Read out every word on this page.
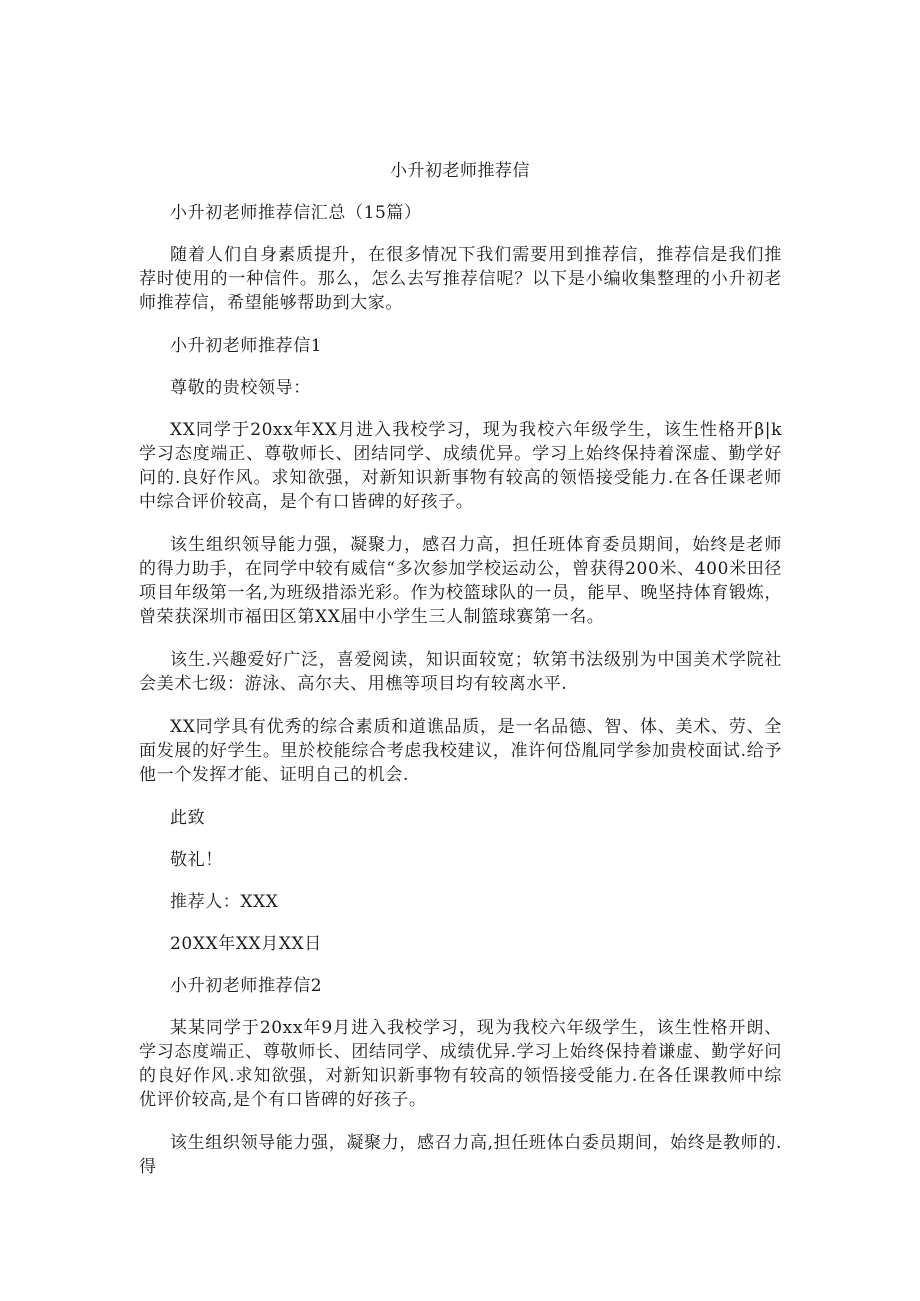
小升初老师推荐信

小升初老师推荐信汇总（15篇）

随着人们自身素质提升，在很多情况下我们需要用到推荐信，推荐信是我们推荐时使用的一种信件。那么，怎么去写推荐信呢？以下是小编收集整理的小升初老师推荐信，希望能够帮助到大家。

小升初老师推荐信1

尊敬的贵校领导：

XX同学于20xx年XX月进入我校学习，现为我校六年级学生，该生性格开β|k学习态度端正、尊敬师长、团结同学、成绩优异。学习上始终保持着深虚、勤学好问的.良好作风。求知欲强，对新知识新事物有较高的领悟接受能力.在各任课老师中综合评价较高，是个有口皆碑的好孩子。

该生组织领导能力强，凝聚力，感召力高，担任班体育委员期间，始终是老师的得力助手，在同学中较有威信“多次参加学校运动公，曾获得200米、400米田径项目年级第一名,为班级措添光彩。作为校篮球队的一员，能早、晚坚持体育锻炼，曾荣获深圳市福田区第XX届中小学生三人制篮球赛第一名。

该生.兴趣爱好广泛，喜爱阅读，知识面较宽；软第书法级别为中国美术学院社会美术七级：游泳、高尔夫、用樵等项目均有较离水平.

XX同学具有优秀的综合素质和道谯品质，是一名品德、智、体、美术、劳、全面发展的好学生。里於校能综合考虑我校建议，准许何岱胤同学参加贵校面试.给予他一个发挥才能、证明自己的机会.

此致

敬礼！

推荐人：XXX

20XX年XX月XX日

小升初老师推荐信2

某某同学于20xx年9月进入我校学习，现为我校六年级学生，该生性格开朗、学习态度端正、尊敬师长、团结同学、成绩优异.学习上始终保持着谦虚、勤学好问的良好作风.求知欲强，对新知识新事物有较高的领悟接受能力.在各任课教师中综优评价较高,是个有口皆碑的好孩子。

该生组织领导能力强，凝聚力，感召力高,担任班体白委员期间，始终是教师的.得
